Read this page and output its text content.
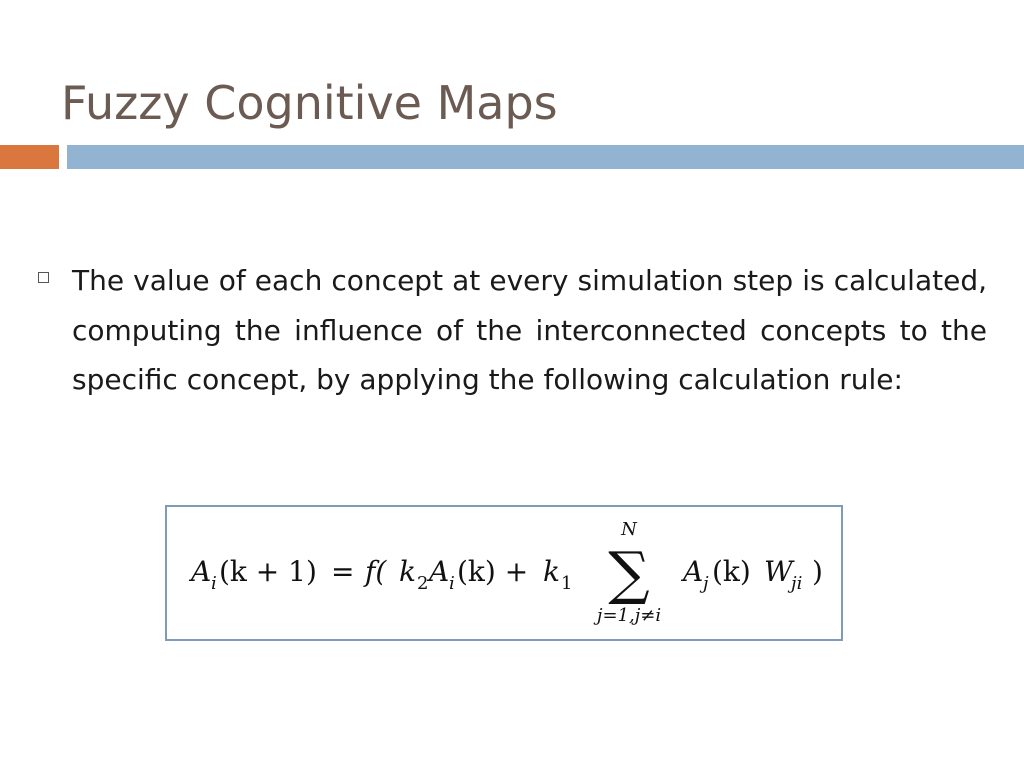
Fuzzy Cognitive Maps

The value of each concept at every simulation step is calculated, computing the influence of the interconnected concepts to the specific concept, by applying the following calculation rule:

A i (k + 1) = f( k 2 A i (k) + k 1
N
∑
j=1,j≠i
A j (k) W
ji )
